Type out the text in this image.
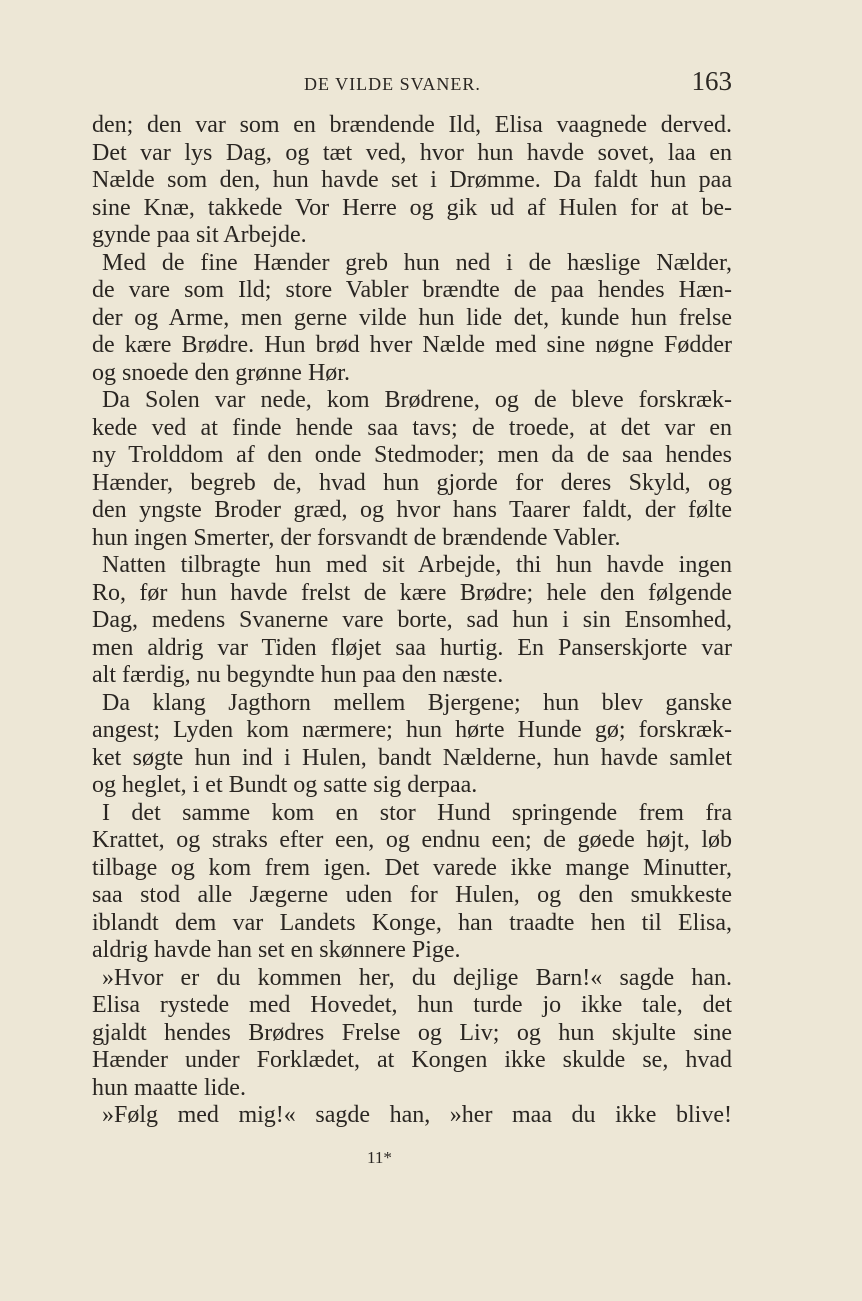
DE VILDE SVANER.	163
den; den var som en brændende Ild, Elisa vaagnede derved.
Det var lys Dag, og tæt ved, hvor hun havde sovet, laa en
Nælde som den, hun havde set i Drømme. Da faldt hun paa
sine Knæ, takkede Vor Herre og gik ud af Hulen for at be-
gynde paa sit Arbejde.
Med de fine Hænder greb hun ned i de hæslige Nælder,
de vare som Ild; store Vabler brændte de paa hendes Hæn-
der og Arme, men gerne vilde hun lide det, kunde hun frelse
de kære Brødre. Hun brød hver Nælde med sine nøgne Fødder
og snoede den grønne Hør.
Da Solen var nede, kom Brødrene, og de bleve forskræk-
kede ved at finde hende saa tavs; de troede, at det var en
ny Trolddom af den onde Stedmoder; men da de saa hendes
Hænder, begreb de, hvad hun gjorde for deres Skyld, og
den yngste Broder græd, og hvor hans Taarer faldt, der følte
hun ingen Smerter, der forsvandt de brændende Vabler.
Natten tilbragte hun med sit Arbejde, thi hun havde ingen
Ro, før hun havde frelst de kære Brødre; hele den følgende
Dag, medens Svanerne vare borte, sad hun i sin Ensomhed,
men aldrig var Tiden fløjet saa hurtig. En Panserskjorte var
alt færdig, nu begyndte hun paa den næste.
Da klang Jagthorn mellem Bjergene; hun blev ganske
angest; Lyden kom nærmere; hun hørte Hunde gø; forskræk-
ket søgte hun ind i Hulen, bandt Nælderne, hun havde samlet
og heglet, i et Bundt og satte sig derpaa.
I det samme kom en stor Hund springende frem fra
Krattet, og straks efter een, og endnu een; de gøede højt, løb
tilbage og kom frem igen. Det varede ikke mange Minutter,
saa stod alle Jægerne uden for Hulen, og den smukkeste
iblandt dem var Landets Konge, han traadte hen til Elisa,
aldrig havde han set en skønnere Pige.
»Hvor er du kommen her, du dejlige Barn!« sagde han.
Elisa rystede med Hovedet, hun turde jo ikke tale, det
gjaldt hendes Brødres Frelse og Liv; og hun skjulte sine
Hænder under Forklædet, at Kongen ikke skulde se, hvad
hun maatte lide.
»Følg med mig!« sagde han, »her maa du ikke blive!
11*
